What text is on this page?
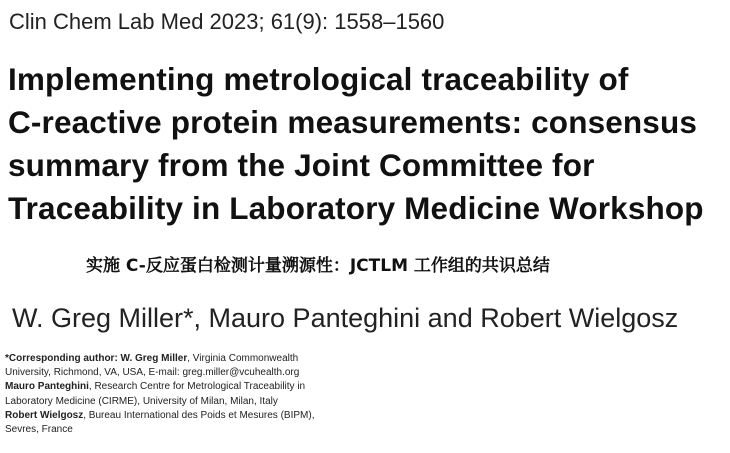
Clin Chem Lab Med 2023; 61(9): 1558–1560
Implementing metrological traceability of
C-reactive protein measurements: consensus
summary from the Joint Committee for
Traceability in Laboratory Medicine Workshop
实施 C-反应蛋白检测计量溯源性：JCTLM 工作组的共识总结
W. Greg Miller*, Mauro Panteghini and Robert Wielgosz
*Corresponding author: W. Greg Miller, Virginia Commonwealth
University, Richmond, VA, USA, E-mail: greg.miller@vcuhealth.org
Mauro Panteghini, Research Centre for Metrological Traceability in
Laboratory Medicine (CIRME), University of Milan, Milan, Italy
Robert Wielgosz, Bureau International des Poids et Mesures (BIPM),
Sevres, France
